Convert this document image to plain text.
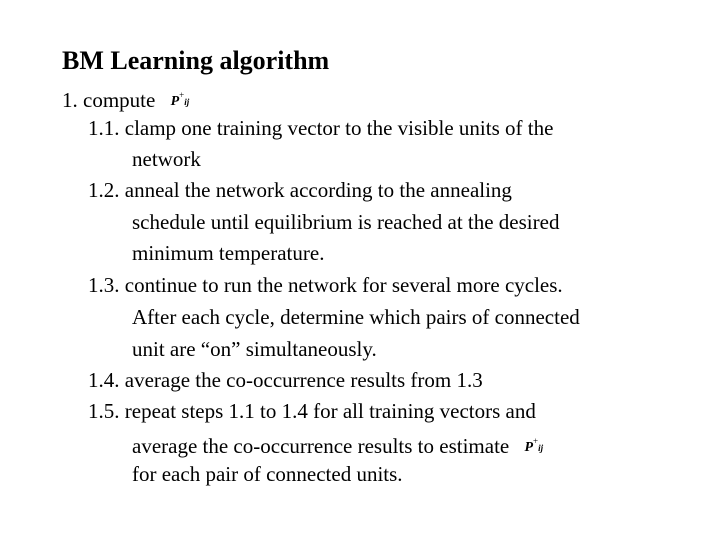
BM Learning algorithm
1. compute P+ij
1.1. clamp one training vector to the visible units of the
network
1.2. anneal the network according to the annealing
schedule until equilibrium is reached at the desired
minimum temperature.
1.3. continue to run the network for several more cycles.
After each cycle, determine which pairs of connected
unit are “on” simultaneously.
1.4. average the co-occurrence results from 1.3
1.5. repeat steps 1.1 to 1.4 for all training vectors and
average the co-occurrence results to estimate P+ij
for each pair of connected units.
